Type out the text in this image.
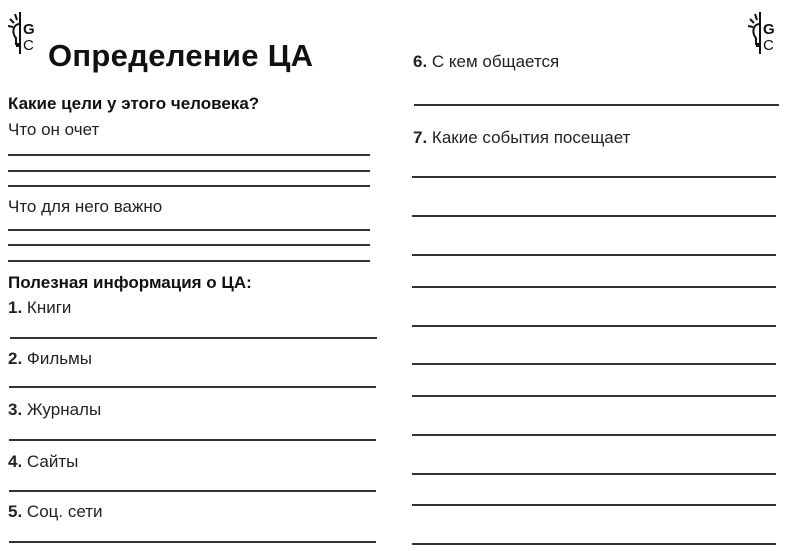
G
C
G
C
Определение ЦА
Какие цели у этого человека?
Что он очет
Что для него важно
Полезная информация о ЦА:
1. Книги
2. Фильмы
3. Журналы
4. Сайты
5. Соц. сети
6. С кем общается
7. Какие события посещает
